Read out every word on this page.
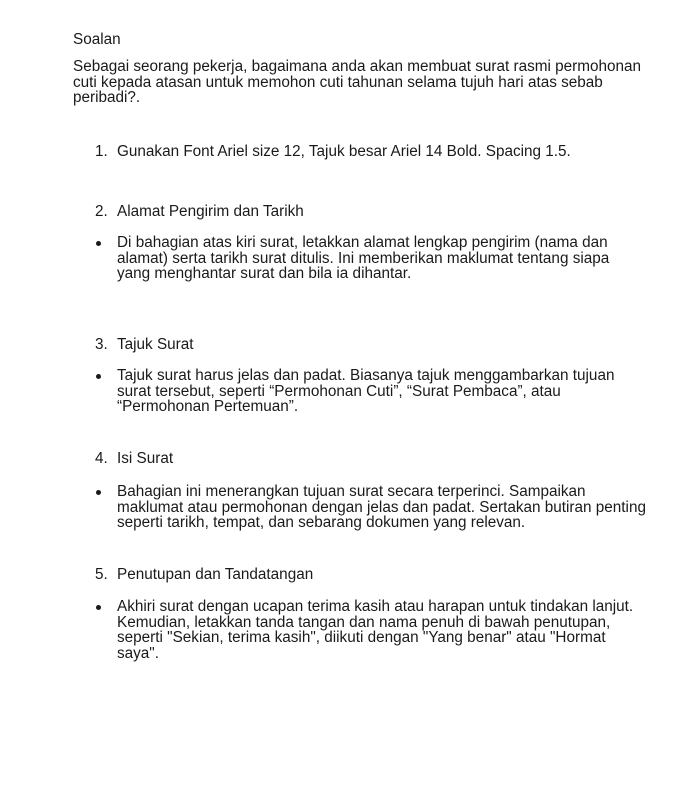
Soalan
Sebagai seorang pekerja, bagaimana anda akan membuat surat rasmi permohonan
cuti kepada atasan untuk memohon cuti tahunan selama tujuh hari atas sebab
peribadi?.
1. Gunakan Font Ariel size 12, Tajuk besar Ariel 14 Bold. Spacing 1.5.
2. Alamat Pengirim dan Tarikh
Di bahagian atas kiri surat, letakkan alamat lengkap pengirim (nama dan
alamat) serta tarikh surat ditulis. Ini memberikan maklumat tentang siapa
yang menghantar surat dan bila ia dihantar.
3. Tajuk Surat
Tajuk surat harus jelas dan padat. Biasanya tajuk menggambarkan tujuan
surat tersebut, seperti “Permohonan Cuti”, “Surat Pembaca”, atau
“Permohonan Pertemuan”.
4. Isi Surat
Bahagian ini menerangkan tujuan surat secara terperinci. Sampaikan
maklumat atau permohonan dengan jelas dan padat. Sertakan butiran penting
seperti tarikh, tempat, dan sebarang dokumen yang relevan.
5. Penutupan dan Tandatangan
Akhiri surat dengan ucapan terima kasih atau harapan untuk tindakan lanjut.
Kemudian, letakkan tanda tangan dan nama penuh di bawah penutupan,
seperti "Sekian, terima kasih", diikuti dengan "Yang benar" atau "Hormat
saya".
